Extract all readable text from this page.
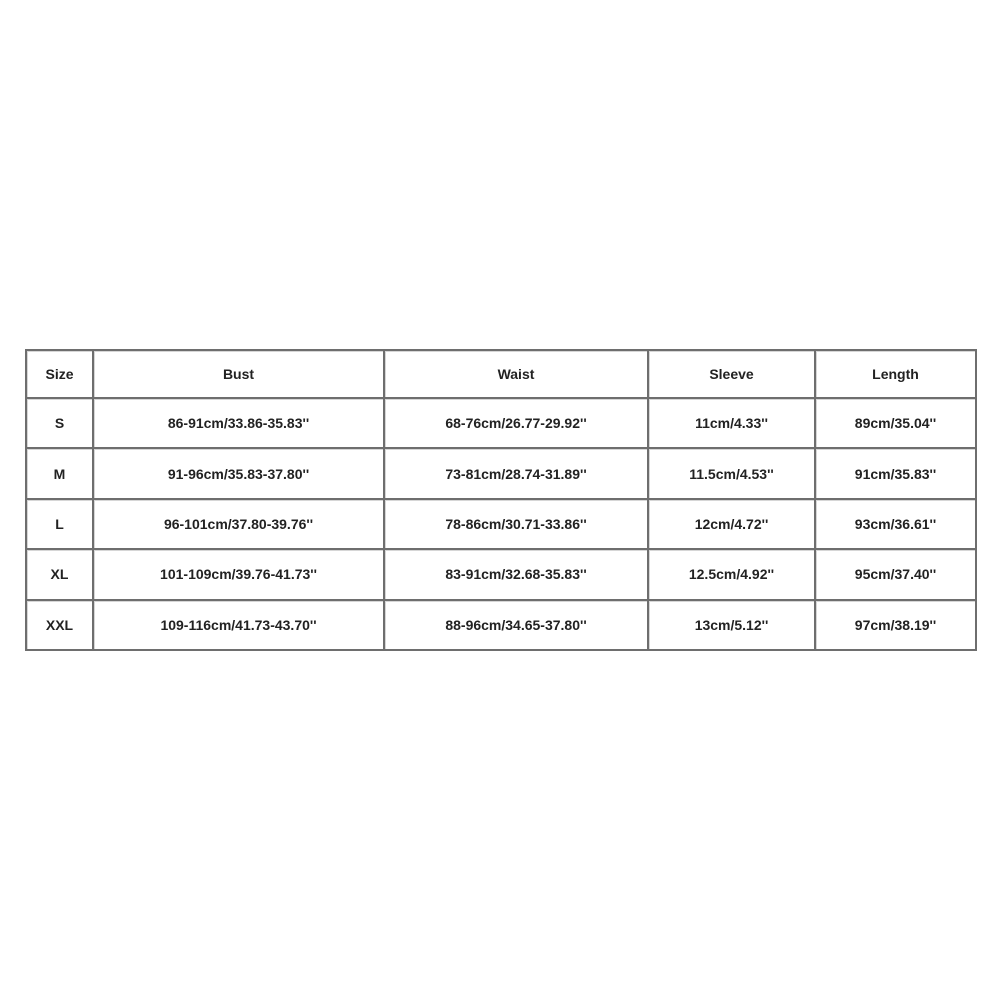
Size	Bust	Waist	Sleeve	Length
S	86-91cm/33.86-35.83''	68-76cm/26.77-29.92''	11cm/4.33''	89cm/35.04''
M	91-96cm/35.83-37.80''	73-81cm/28.74-31.89''	11.5cm/4.53''	91cm/35.83''
L	96-101cm/37.80-39.76''	78-86cm/30.71-33.86''	12cm/4.72''	93cm/36.61''
XL	101-109cm/39.76-41.73''	83-91cm/32.68-35.83''	12.5cm/4.92''	95cm/37.40''
XXL	109-116cm/41.73-43.70''	88-96cm/34.65-37.80''	13cm/5.12''	97cm/38.19''
